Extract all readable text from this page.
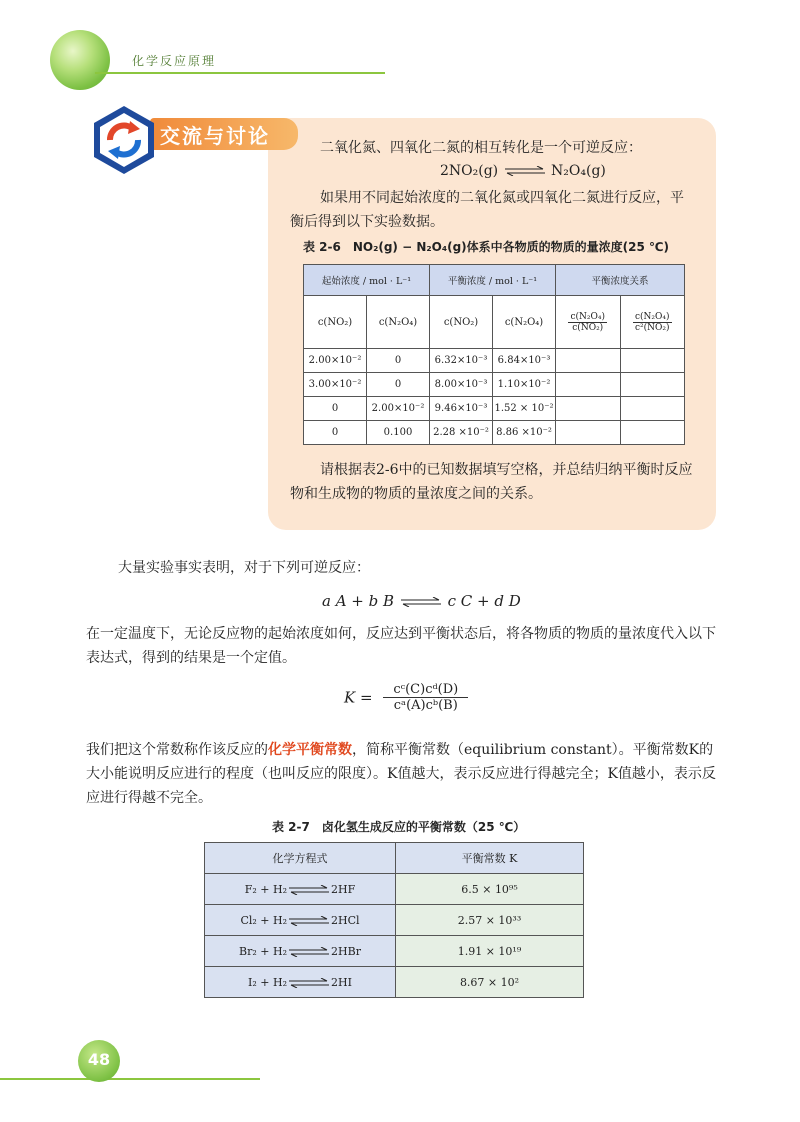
化学反应原理
交流与讨论	二氧化氮、四氧化二氮的相互转化是一个可逆反应：
2NO₂(g) ⇌ N₂O₄(g)
如果用不同起始浓度的二氧化氮或四氧化二氮进行反应，平衡后得到以下实验数据。
表 2-6　NO₂(g) − N₂O₄(g)体系中各物质的物质的量浓度(25 ℃)
起始浓度 / mol · L⁻¹		平衡浓度 / mol · L⁻¹		平衡浓度关系	
c(NO₂)	c(N₂O₄)	c(NO₂)	c(N₂O₄)	$\frac{\text{c(N₂O₄)}}{\text{c(NO₂)}}$	$\frac{\text{c(N₂O₄)}}{\text{c²(NO₂)}}$

2.00×10⁻²	0	6.32×10⁻³	6.84×10⁻³		
3.00×10⁻²	0	8.00×10⁻³	1.10×10⁻²		
0	2.00×10⁻²	9.46×10⁻³	1.52 × 10⁻²		
0	0.100	2.28 ×10⁻²	8.86 ×10⁻²		
请根据表2-6中的已知数据填写空格，并总结归纳平衡时反应物和生成物的物质的量浓度之间的关系。
大量实验事实表明，对于下列可逆反应：
a A + b B ⇌ c C + d D
在一定温度下，无论反应物的起始浓度如何，反应达到平衡状态后，将各物质的物质的量浓度代入以下表达式，得到的结果是一个定值。
$K = \frac{\text{cᶜ(C)cᵈ(D)}}{\text{cᵃ(A)cᵇ(B)}}$
我们把这个常数称作该反应的化学平衡常数，简称平衡常数（equilibrium constant）。平衡常数K的大小能说明反应进行的程度（也叫反应的限度）。K值越大，表示反应进行得越完全；K值越小，表示反应进行得越不完全。
表 2-7　卤化氢生成反应的平衡常数（25 ℃）
化学方程式	平衡常数 K
F₂ + H₂ ⇌ 2HF	6.5 × 10⁹⁵
Cl₂ + H₂ ⇌ 2HCl	2.57 × 10³³
Br₂ + H₂ ⇌ 2HBr	1.91 × 10¹⁹
I₂ + H₂ ⇌ 2HI	8.67 × 10²
48
